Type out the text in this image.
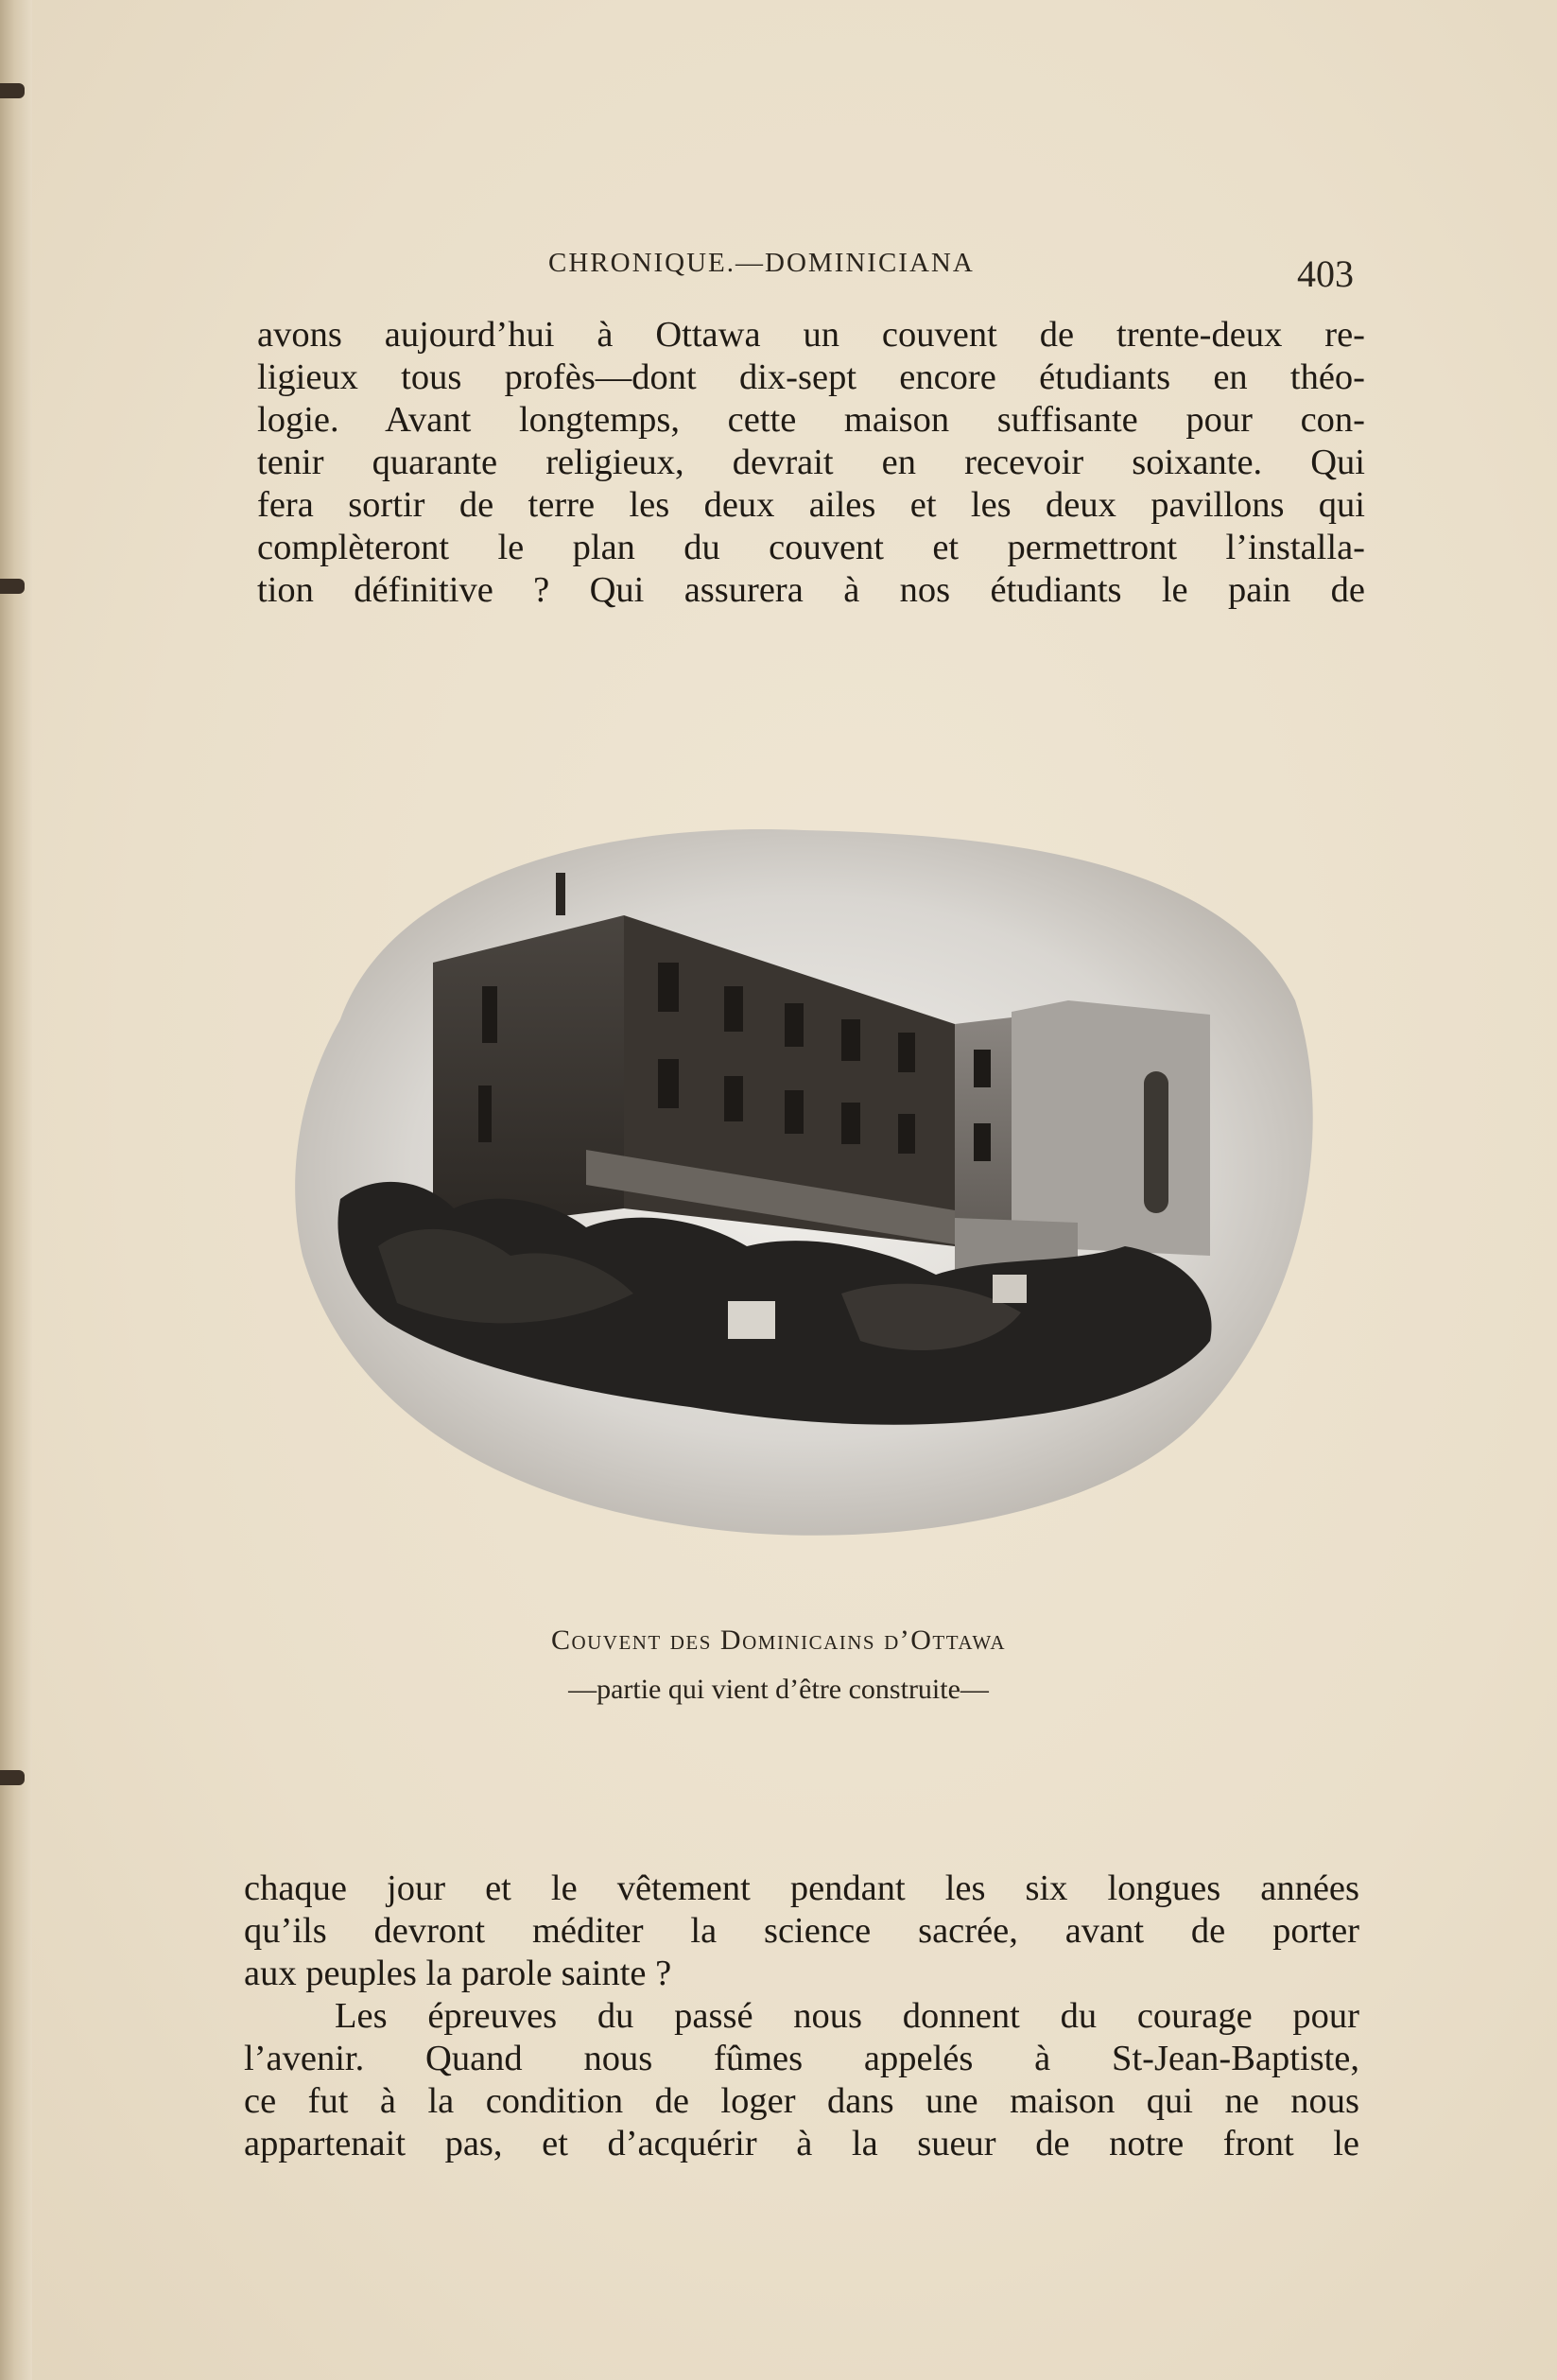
CHRONIQUE.—DOMINICIANA	403
avons aujourd’hui à Ottawa un couvent de trente-deux re-
ligieux tous profès—dont dix-sept encore étudiants en théo-
logie. Avant longtemps, cette maison suffisante pour con-
tenir quarante religieux, devrait en recevoir soixante. Qui
fera sortir de terre les deux ailes et les deux pavillons qui
complèteront le plan du couvent et permettront l’installa-
tion définitive ? Qui assurera à nos étudiants le pain de
Couvent des Dominicains d’Ottawa
—partie qui vient d’être construite—
chaque jour et le vêtement pendant les six longues années
qu’ils devront méditer la science sacrée, avant de porter
aux peuples la parole sainte ?
Les épreuves du passé nous donnent du courage pour
l’avenir. Quand nous fûmes appelés à St-Jean-Baptiste,
ce fut à la condition de loger dans une maison qui ne nous
appartenait pas, et d’acquérir à la sueur de notre front le
